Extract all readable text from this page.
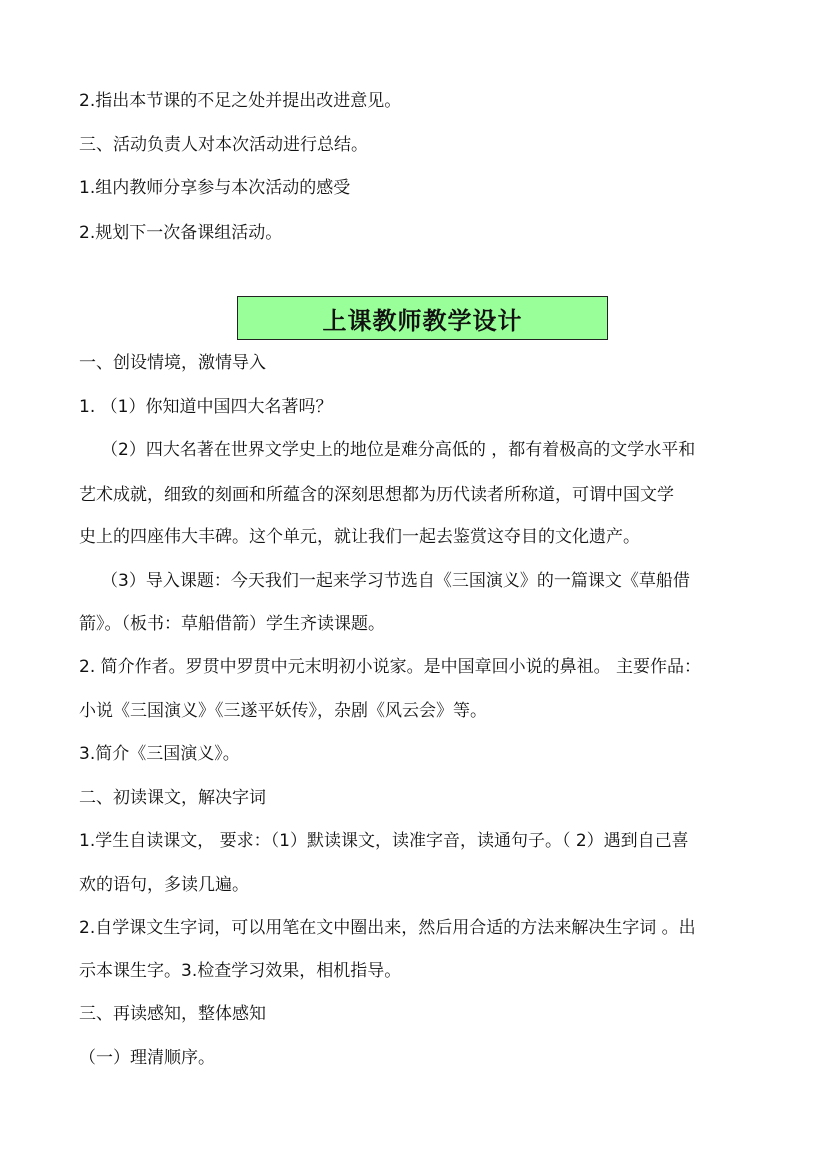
2.指出本节课的不足之处并提出改进意见。
三、活动负责人对本次活动进行总结。
1.组内教师分享参与本次活动的感受
2.规划下一次备课组活动。
上课教师教学设计
一、创设情境，激情导入
1. （1）你知道中国四大名著吗？
（2）四大名著在世界文学史上的地位是难分高低的 ，都有着极高的文学水平和
艺术成就，细致的刻画和所蕴含的深刻思想都为历代读者所称道，可谓中国文学
史上的四座伟大丰碑。这个单元，就让我们一起去鉴赏这夺目的文化遗产。
（3）导入课题：今天我们一起来学习节选自《三国演义》的一篇课文《草船借
箭》。（板书：草船借箭）学生齐读课题。
2. 简介作者。罗贯中罗贯中元末明初小说家。是中国章回小说的鼻祖。 主要作品：
小说《三国演义》《三遂平妖传》，杂剧《风云会》等。
3.简介《三国演义》。
二、初读课文，解决字词
1.学生自读课文， 要求：（1）默读课文，读准字音，读通句子。（ 2）遇到自己喜
欢的语句，多读几遍。
2.自学课文生字词，可以用笔在文中圈出来，然后用合适的方法来解决生字词 。出
示本课生字。3.检查学习效果，相机指导。
三、再读感知，整体感知
（一）理清顺序。
